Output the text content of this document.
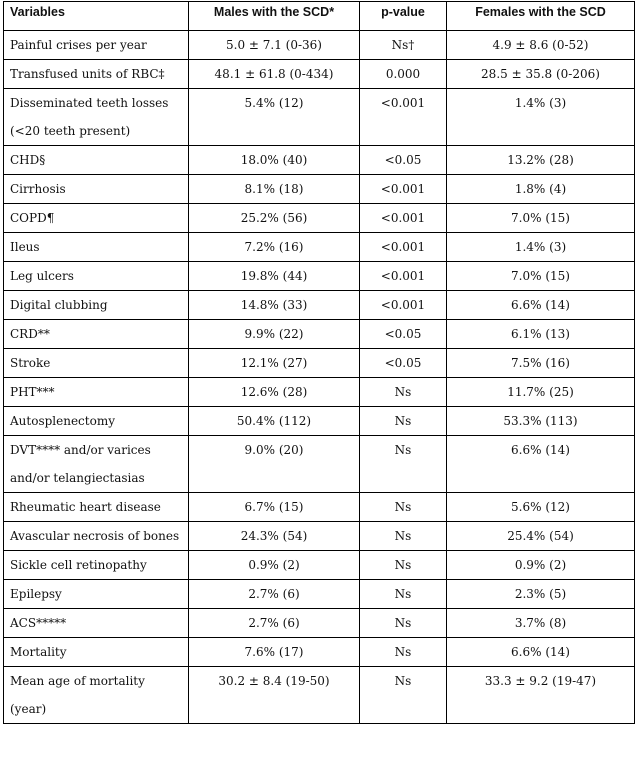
Variables	Males with the SCD*	p-value	Females with the SCD
Painful crises per year	5.0 ± 7.1 (0-36)	Ns†	4.9 ± 8.6 (0-52)
Transfused units of RBC‡	48.1 ± 61.8 (0-434)	0.000	28.5 ± 35.8 (0-206)
Disseminated teeth losses (<20 teeth present)	5.4% (12)	<0.001	1.4% (3)
CHD§	18.0% (40)	<0.05	13.2% (28)
Cirrhosis	8.1% (18)	<0.001	1.8% (4)
COPD¶	25.2% (56)	<0.001	7.0% (15)
Ileus	7.2% (16)	<0.001	1.4% (3)
Leg ulcers	19.8% (44)	<0.001	7.0% (15)
Digital clubbing	14.8% (33)	<0.001	6.6% (14)
CRD**	9.9% (22)	<0.05	6.1% (13)
Stroke	12.1% (27)	<0.05	7.5% (16)
PHT***	12.6% (28)	Ns	11.7% (25)
Autosplenectomy	50.4% (112)	Ns	53.3% (113)
DVT**** and/or varices and/or telangiectasias	9.0% (20)	Ns	6.6% (14)
Rheumatic heart disease	6.7% (15)	Ns	5.6% (12)
Avascular necrosis of bones	24.3% (54)	Ns	25.4% (54)
Sickle cell retinopathy	0.9% (2)	Ns	0.9% (2)
Epilepsy	2.7% (6)	Ns	2.3% (5)
ACS*****	2.7% (6)	Ns	3.7% (8)
Mortality	7.6% (17)	Ns	6.6% (14)
Mean age of mortality (year)	30.2 ± 8.4 (19-50)	Ns	33.3 ± 9.2 (19-47)
